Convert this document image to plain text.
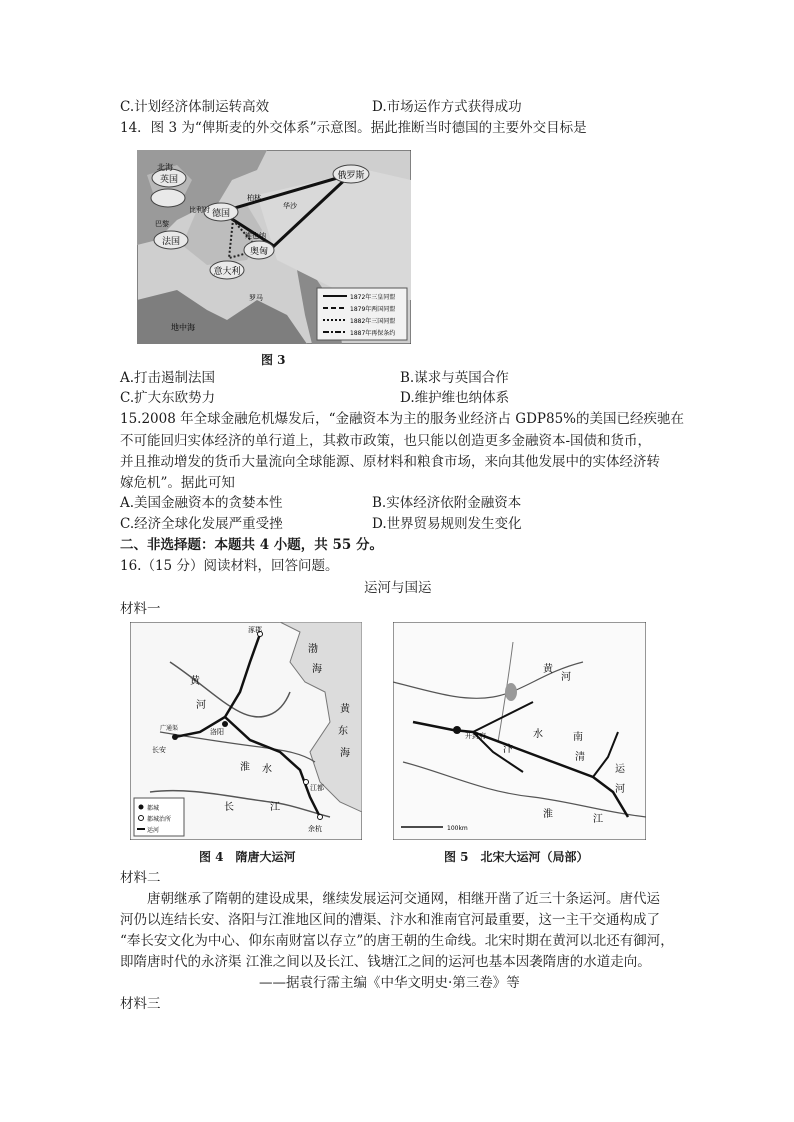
C.计划经济体制运转高效	D.市场运作方式获得成功
14．图 3 为“俾斯麦的外交体系”示意图。据此推断当时德国的主要外交目标是
英国
德国
法国
俄罗斯
奥匈
意大利
北海
比利时
柏林
维也纳
巴黎
华沙
罗马
地中海
1872年三皇同盟
1879年两国同盟
1882年三国同盟
1887年再保条约
图 3
A.打击遏制法国	B.谋求与英国合作
C.扩大东欧势力	D.维护维也纳体系
15.2008 年全球金融危机爆发后，“金融资本为主的服务业经济占 GDP85%的美国已经疾驰在
不可能回归实体经济的单行道上，其救市政策，也只能以创造更多金融资本-国债和货币，
并且推动增发的货币大量流向全球能源、原材料和粮食市场，来向其他发展中的实体经济转
嫁危机”。据此可知
A.美国金融资本的贪婪本性	B.实体经济依附金融资本
C.经济全球化发展严重受挫	D.世界贸易规则发生变化
二、非选择题：本题共 4 小题，共 55 分。
16.（15 分）阅读材料，回答问题。
运河与国运
材料一
涿郡
渤
海
黄
东
海
黄
河
洛阳
长安
广通渠
淮 水
长	江
余杭
江都
都城
都城治所
运河
图 4　隋唐大运河
开封府
黄
河
汴
淮
水	南
清
运
河
江
100km
图 5　北宋大运河（局部）
材料二
唐朝继承了隋朝的建设成果，继续发展运河交通网，相继开凿了近三十条运河。唐代运
河仍以连结长安、洛阳与江淮地区间的漕渠、汴水和淮南官河最重要，这一主干交通构成了
“奉长安文化为中心、仰东南财富以存立”的唐王朝的生命线。北宋时期在黄河以北还有御河，
即隋唐时代的永济渠 江淮之间以及长江、钱塘江之间的运河也基本因袭隋唐的水道走向。
——据袁行霈主编《中华文明史·第三卷》等
材料三
